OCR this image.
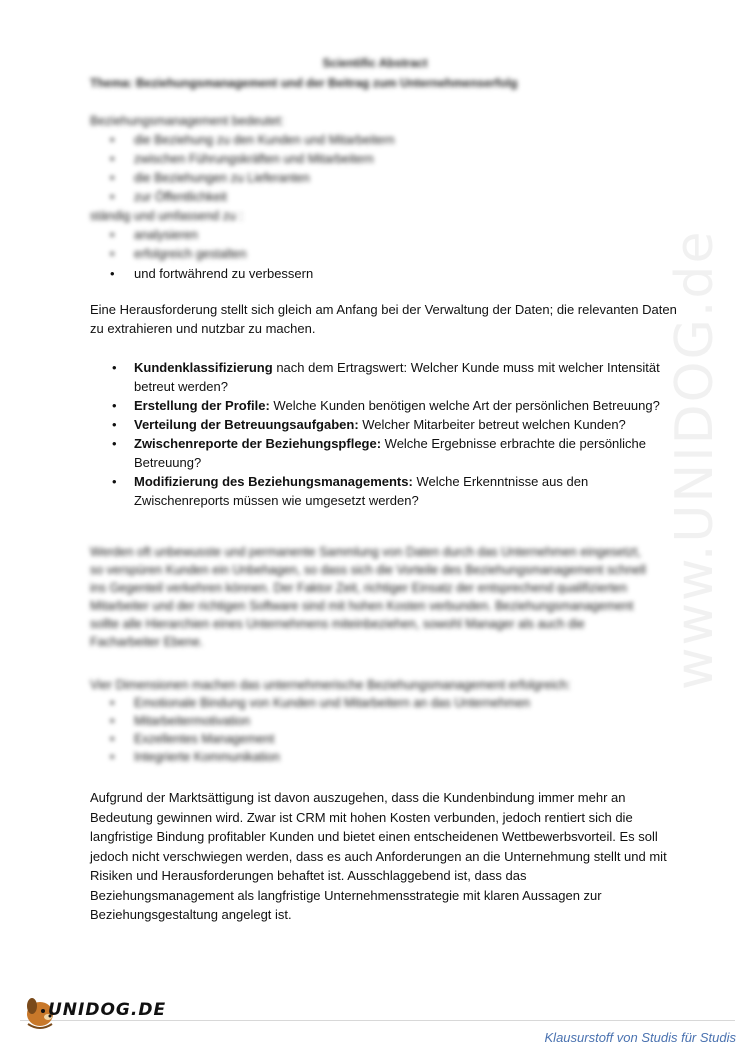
www.UNIDOG.de
Scientific Abstract
Thema: Beziehungsmanagement und der Beitrag zum Unternehmenserfolg
Beziehungsmanagement bedeutet:
• die Beziehung zu den Kunden und Mitarbeitern
• zwischen Führungskräften und Mitarbeitern
• die Beziehungen zu Lieferanten
• zur Öffentlichkeit
ständig und umfassend zu :
• analysieren
• erfolgreich gestalten
• und fortwährend zu verbessern
Eine Herausforderung stellt sich gleich am Anfang bei der Verwaltung der Daten; die relevanten Daten zu extrahieren und nutzbar zu machen.
• Kundenklassifizierung nach dem Ertragswert: Welcher Kunde muss mit welcher Intensität betreut werden?
• Erstellung der Profile: Welche Kunden benötigen welche Art der persönlichen Betreuung?
• Verteilung der Betreuungsaufgaben: Welcher Mitarbeiter betreut welchen Kunden?
• Zwischenreporte der Beziehungspflege: Welche Ergebnisse erbrachte die persönliche Betreuung?
• Modifizierung des Beziehungsmanagements: Welche Erkenntnisse aus den Zwischenreports müssen wie umgesetzt werden?
Werden oft unbewusste und permanente Sammlung von Daten durch das Unternehmen eingesetzt, so verspüren Kunden ein Unbehagen, so dass sich die Vorteile des Beziehungsmanagement schnell ins Gegenteil verkehren können. Der Faktor Zeit, richtiger Einsatz der entsprechend qualifizierten Mitarbeiter und der richtigen Software sind mit hohen Kosten verbunden. Beziehungsmanagement sollte alle Hierarchien eines Unternehmens miteinbeziehen, sowohl Manager als auch die Facharbeiter Ebene.
Vier Dimensionen machen das unternehmerische Beziehungsmanagement erfolgreich:
• Emotionale Bindung von Kunden und Mitarbeitern an das Unternehmen
• Mitarbeitermotivation
• Exzellentes Management
• Integrierte Kommunikation
Aufgrund der Marktsättigung ist davon auszugehen, dass die Kundenbindung immer mehr an Bedeutung gewinnen wird. Zwar ist CRM mit hohen Kosten verbunden, jedoch rentiert sich die langfristige Bindung profitabler Kunden und bietet einen entscheidenen Wettbewerbsvorteil. Es soll jedoch nicht verschwiegen werden, dass es auch Anforderungen an die Unternehmung stellt und mit Risiken und Herausforderungen behaftet ist. Ausschlaggebend ist, dass das Beziehungsmanagement als langfristige Unternehmensstrategie mit klaren Aussagen zur Beziehungsgestaltung angelegt ist.
UNIDOG.DE
Klausurstoff von Studis für Studis
